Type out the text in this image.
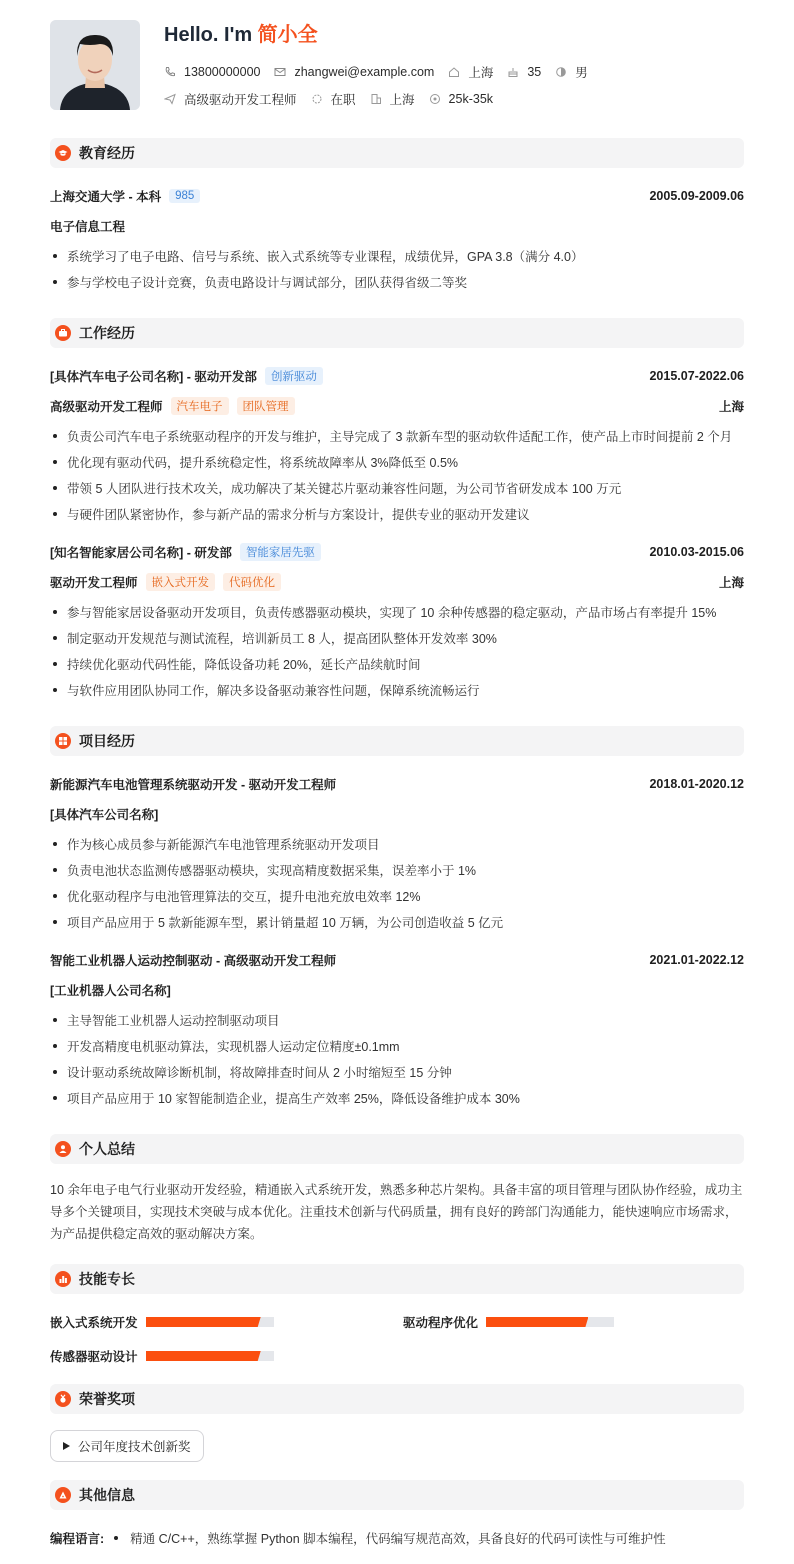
Hello. I'm 简小全
13800000000	zhangwei@example.com	上海	35	男
高级驱动开发工程师	在职	上海	25k-35k
教育经历
上海交通大学 - 本科	985	2005.09-2009.06
电子信息工程
系统学习了电子电路、信号与系统、嵌入式系统等专业课程，成绩优异，GPA 3.8（满分 4.0）
参与学校电子设计竞赛，负责电路设计与调试部分，团队获得省级二等奖
工作经历
[具体汽车电子公司名称] - 驱动开发部	创新驱动	2015.07-2022.06
高级驱动开发工程师	汽车电子	团队管理	上海
负责公司汽车电子系统驱动程序的开发与维护，主导完成了 3 款新车型的驱动软件适配工作，使产品上市时间提前 2 个月
优化现有驱动代码，提升系统稳定性，将系统故障率从 3%降低至 0.5%
带领 5 人团队进行技术攻关，成功解决了某关键芯片驱动兼容性问题，为公司节省研发成本 100 万元
与硬件团队紧密协作，参与新产品的需求分析与方案设计，提供专业的驱动开发建议
[知名智能家居公司名称] - 研发部	智能家居先驱	2010.03-2015.06
驱动开发工程师	嵌入式开发	代码优化	上海
参与智能家居设备驱动开发项目，负责传感器驱动模块，实现了 10 余种传感器的稳定驱动，产品市场占有率提升 15%
制定驱动开发规范与测试流程，培训新员工 8 人，提高团队整体开发效率 30%
持续优化驱动代码性能，降低设备功耗 20%，延长产品续航时间
与软件应用团队协同工作，解决多设备驱动兼容性问题，保障系统流畅运行
项目经历
新能源汽车电池管理系统驱动开发 - 驱动开发工程师	2018.01-2020.12
[具体汽车公司名称]
作为核心成员参与新能源汽车电池管理系统驱动开发项目
负责电池状态监测传感器驱动模块，实现高精度数据采集，误差率小于 1%
优化驱动程序与电池管理算法的交互，提升电池充放电效率 12%
项目产品应用于 5 款新能源车型，累计销量超 10 万辆，为公司创造收益 5 亿元
智能工业机器人运动控制驱动 - 高级驱动开发工程师	2021.01-2022.12
[工业机器人公司名称]
主导智能工业机器人运动控制驱动项目
开发高精度电机驱动算法，实现机器人运动定位精度±0.1mm
设计驱动系统故障诊断机制，将故障排查时间从 2 小时缩短至 15 分钟
项目产品应用于 10 家智能制造企业，提高生产效率 25%，降低设备维护成本 30%
个人总结
10 余年电子电气行业驱动开发经验，精通嵌入式系统开发，熟悉多种芯片架构。具备丰富的项目管理与团队协作经验，成功主导多个关键项目，实现技术突破与成本优化。注重技术创新与代码质量，拥有良好的跨部门沟通能力，能快速响应市场需求，为产品提供稳定高效的驱动解决方案。
技能专长
嵌入式系统开发	驱动程序优化
传感器驱动设计
荣誉奖项
公司年度技术创新奖
其他信息
编程语言: 精通 C/C++，熟练掌握 Python 脚本编程，代码编写规范高效，具备良好的代码可读性与可维护性
